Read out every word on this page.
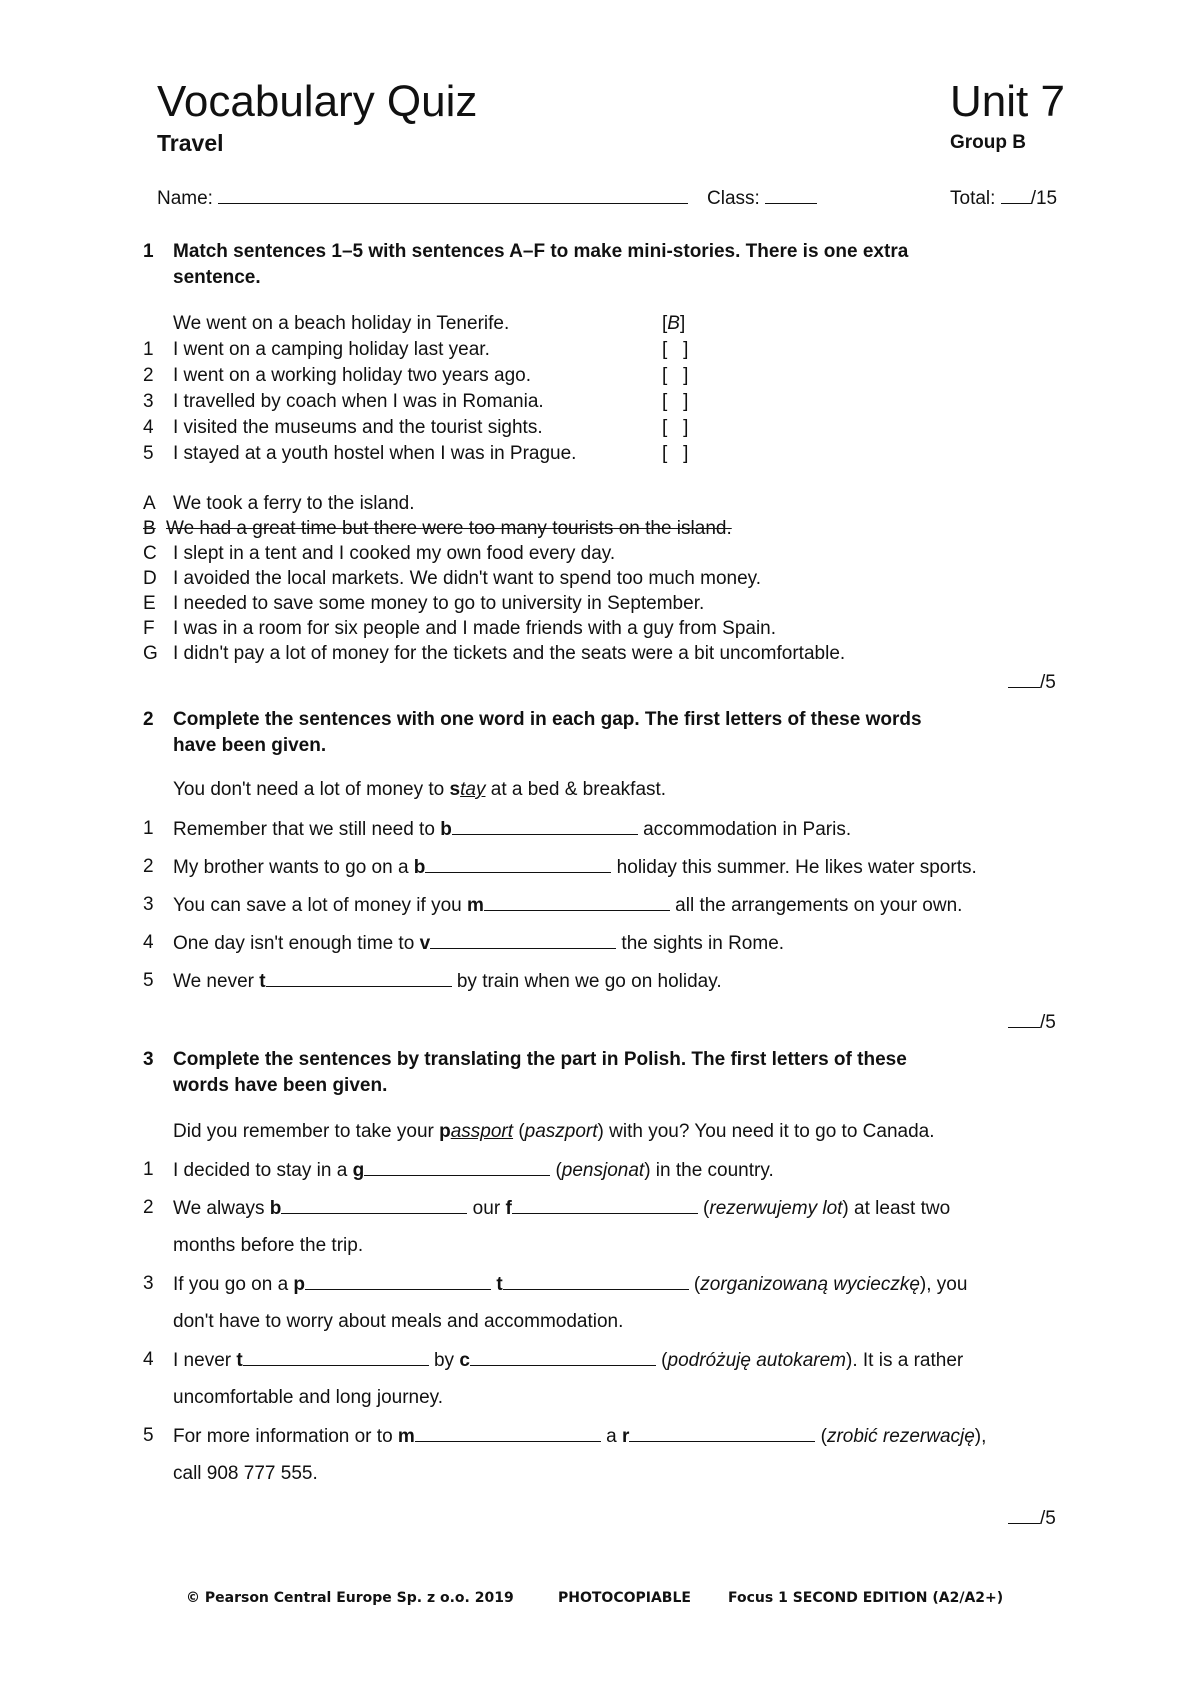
Vocabulary Quiz
Travel
Unit 7
Group B
Name:	Class:	Total: /15
1 Match sentences 1–5 with sentences A–F to make mini-stories. There is one extra
sentence.
We went on a beach holiday in Tenerife.	[B]
1 I went on a camping holiday last year.	[   ]
2 I went on a working holiday two years ago.	[   ]
3 I travelled by coach when I was in Romania.	[   ]
4 I visited the museums and the tourist sights.	[   ]
5 I stayed at a youth hostel when I was in Prague.	[   ]
A We took a ferry to the island.
B We had a great time but there were too many tourists on the island.
C I slept in a tent and I cooked my own food every day.
D I avoided the local markets. We didn't want to spend too much money.
E I needed to save some money to go to university in September.
F I was in a room for six people and I made friends with a guy from Spain.
G I didn't pay a lot of money for the tickets and the seats were a bit uncomfortable.
/5
2 Complete the sentences with one word in each gap. The first letters of these words
have been given.
You don't need a lot of money to stay at a bed & breakfast.
1 Remember that we still need to b	accommodation in Paris.
2 My brother wants to go on a b	holiday this summer. He likes water sports.
3 You can save a lot of money if you m	all the arrangements on your own.
4 One day isn't enough time to v	the sights in Rome.
5 We never t	by train when we go on holiday.
/5
3 Complete the sentences by translating the part in Polish. The first letters of these
words have been given.
Did you remember to take your passport (paszport) with you? You need it to go to Canada.
1 I decided to stay in a g	(pensjonat) in the country.
2 We always b	our f	(rezerwujemy lot) at least two
months before the trip.
3 If you go on a p	t	(zorganizowaną wycieczkę), you
don't have to worry about meals and accommodation.
4 I never t	by c	(podróżuję autokarem). It is a rather
uncomfortable and long journey.
5 For more information or to m	a r	(zrobić rezerwację),
call 908 777 555.
/5
© Pearson Central Europe Sp. z o.o. 2019	PHOTOCOPIABLE	Focus 1 SECOND EDITION (A2/A2+)
